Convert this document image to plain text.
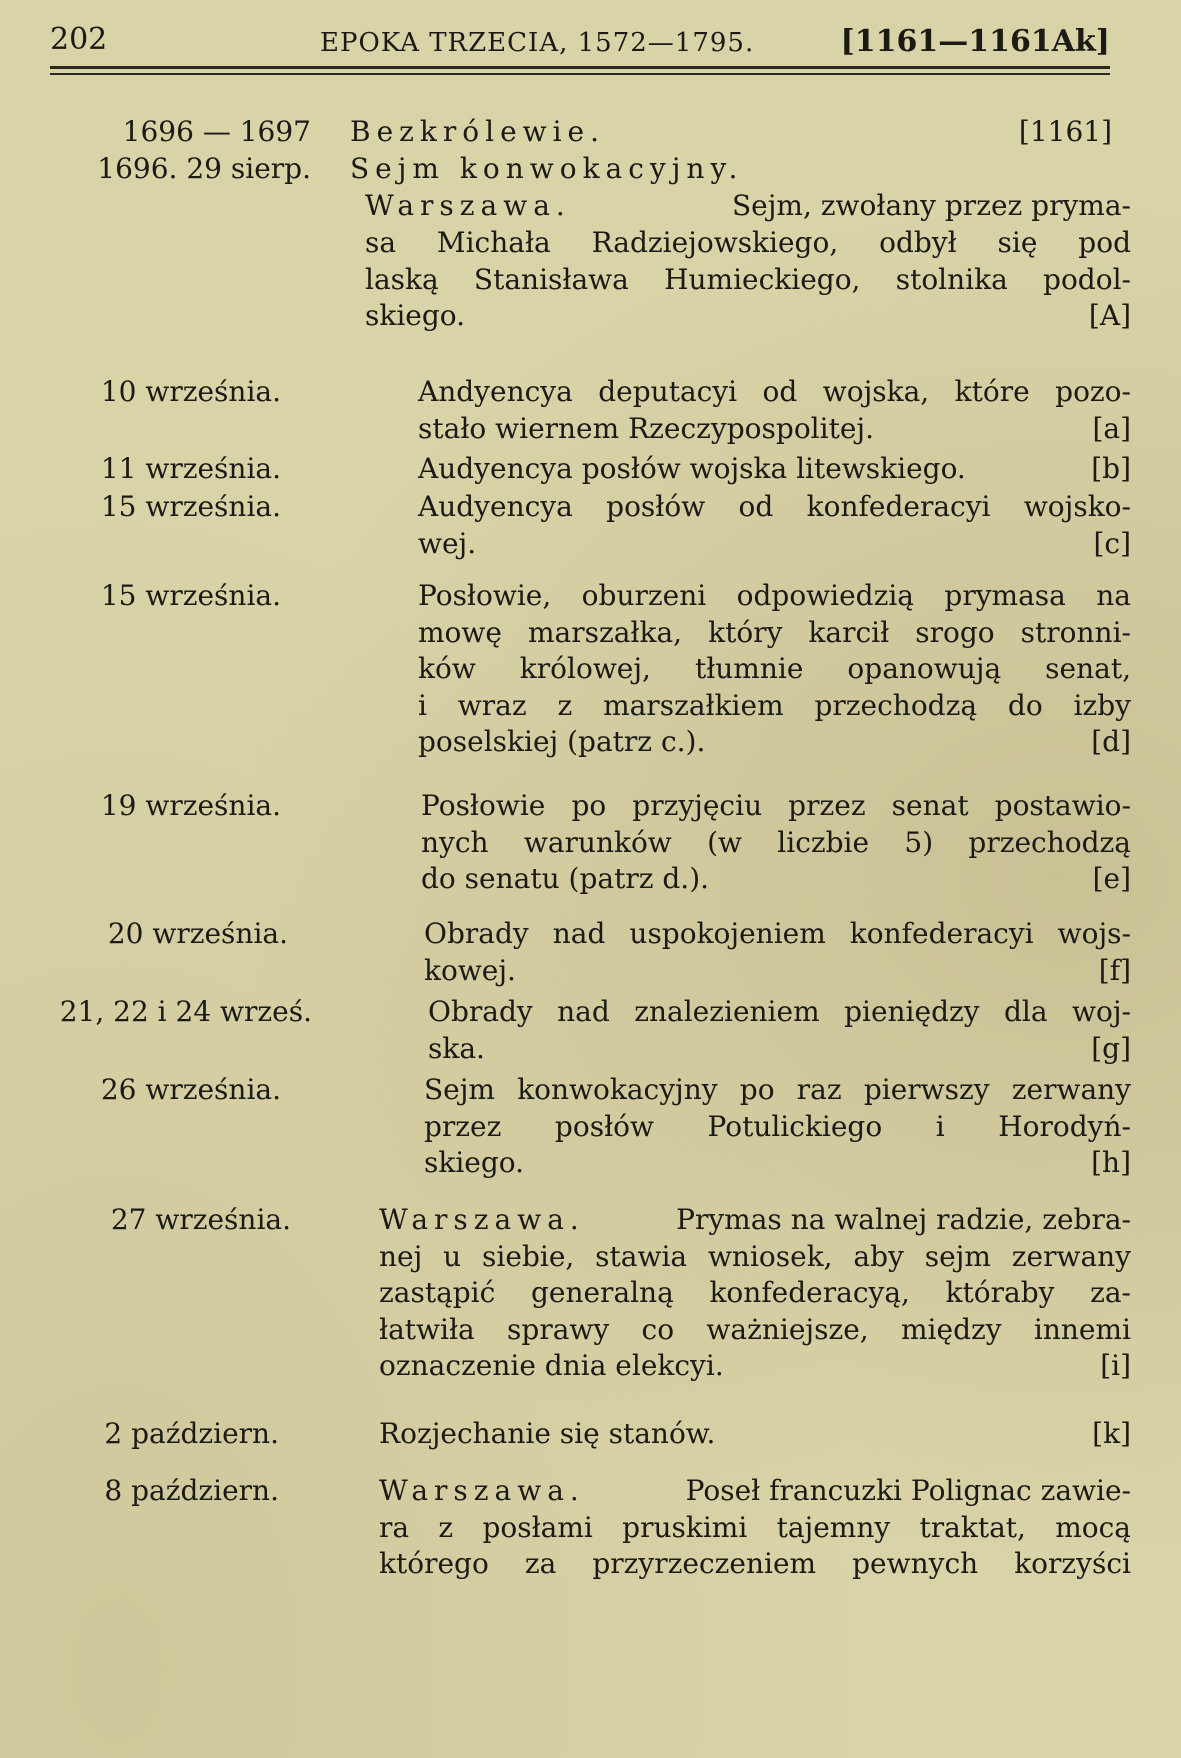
202	EPOKA TRZECIA, 1572—1795.	[1161—1161Ak]
1696 — 1697 Bezkrólewie.	[1161]
1696. 29 sierp. Sejm konwokacyjny.
Warszawa.	Sejm, zwołany przez pryma-
sa Michała Radziejowskiego, odbył się pod
laską Stanisława Humieckiego, stolnika podol-
skiego.	[A]
10 września.	Andyencya deputacyi od wojska, które pozo-
stało wiernem Rzeczypospolitej.	[a]
11 września.	Audyencya posłów wojska litewskiego.	[b]
15 września.	Audyencya posłów od konfederacyi wojsko-
wej.	[c]
15 września.	Posłowie, oburzeni odpowiedzią prymasa na
mowę marszałka, który karcił srogo stronni-
ków królowej, tłumnie opanowują senat,
i wraz z marszałkiem przechodzą do izby
poselskiej (patrz c.).	[d]
19 września.	Posłowie po przyjęciu przez senat postawio-
nych warunków (w liczbie 5) przechodzą
do senatu (patrz d.).	[e]
20 września.	Obrady nad uspokojeniem konfederacyi wojs-
kowej.	[f]
21, 22 i 24 wrześ.	Obrady nad znalezieniem pieniędzy dla woj-
ska.	[g]
26 września.	Sejm konwokacyjny po raz pierwszy zerwany
przez posłów Potulickiego i Horodyń-
skiego.	[h]
27 września.	Warszawa.	Prymas na walnej radzie, zebra-
nej u siebie, stawia wniosek, aby sejm zerwany
zastąpić generalną konfederacyą, któraby za-
łatwiła sprawy co ważniejsze, między innemi
oznaczenie dnia elekcyi.	[i]
2 październ.	Rozjechanie się stanów.	[k]
8 październ.	Warszawa.	Poseł francuzki Polignac zawie-
ra z posłami pruskimi tajemny traktat, mocą
którego za przyrzeczeniem pewnych korzyści
